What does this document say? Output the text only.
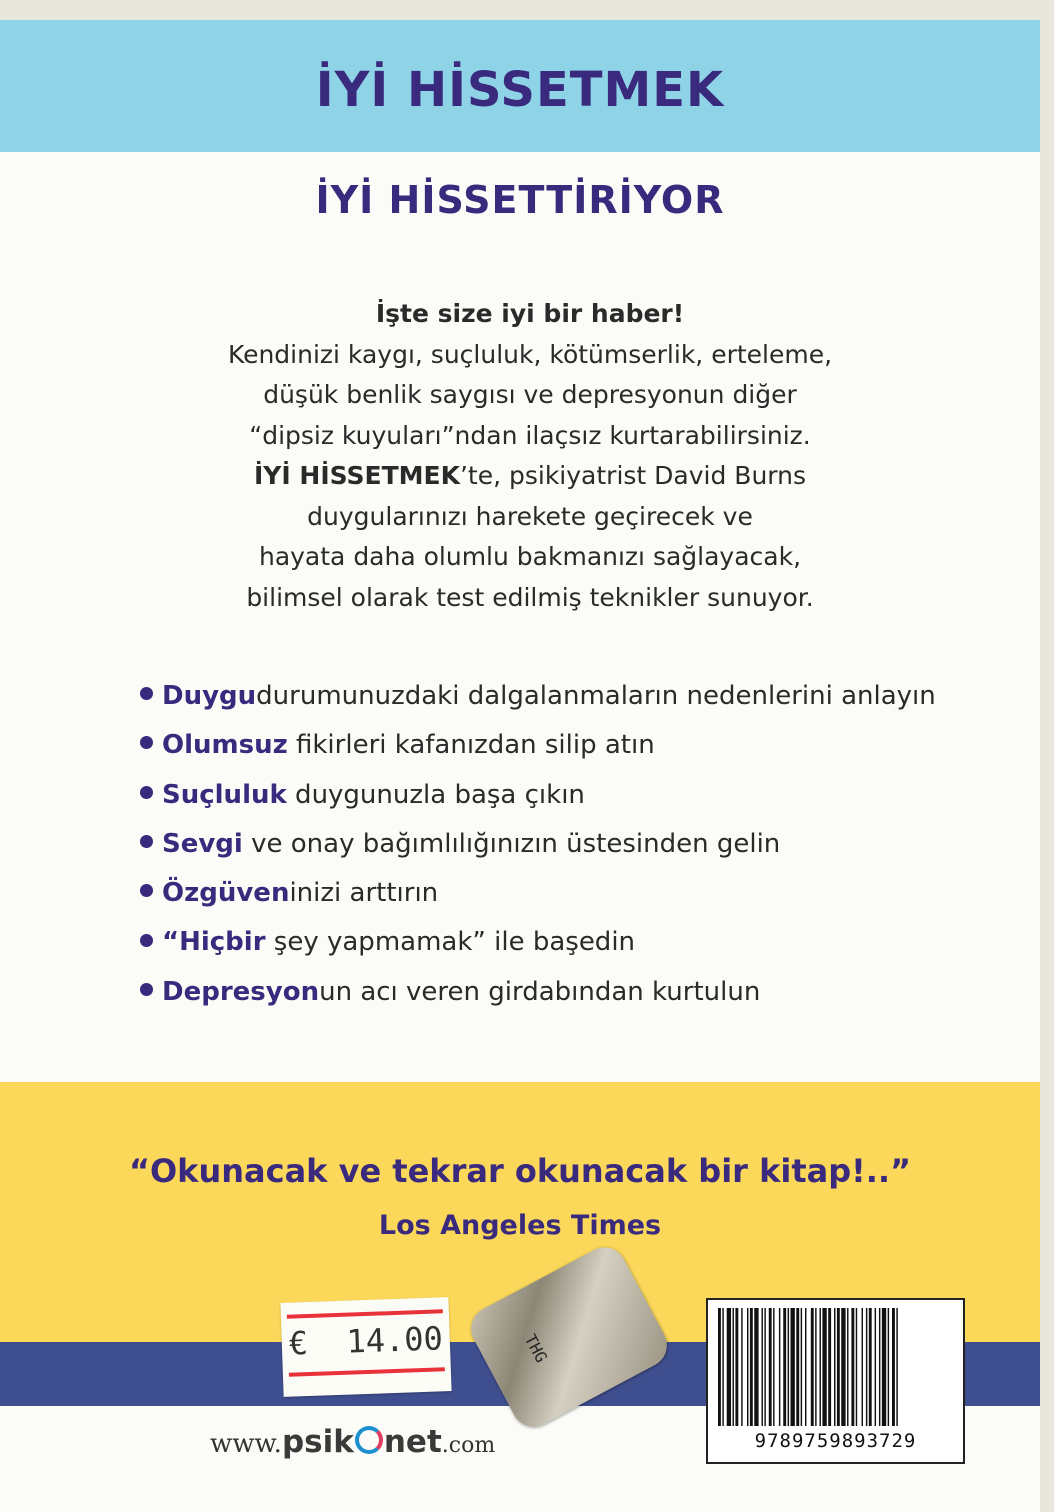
İYİ HİSSETMEK
İYİ HİSSETTİRİYOR
İşte size iyi bir haber!
Kendinizi kaygı, suçluluk, kötümserlik, erteleme,
düşük benlik saygısı ve depresyonun diğer
“dipsiz kuyuları”ndan ilaçsız kurtarabilirsiniz.
İYİ HİSSETMEK’te, psikiyatrist David Burns
duygularınızı harekete geçirecek ve
hayata daha olumlu bakmanızı sağlayacak,
bilimsel olarak test edilmiş teknikler sunuyor.
Duygu durumunuzdaki dalgalanmaların nedenlerini anlayın
Olumsuz fikirleri kafanızdan silip atın
Suçluluk duygunuzla başa çıkın
Sevgi ve onay bağımlılığınızın üstesinden gelin
Özgüven inizi arttırın
“Hiçbir şey yapmamak” ile başedin
Depresyon un acı veren girdabından kurtulun
“Okunacak ve tekrar okunacak bir kitap!..”
Los Angeles Times
€  14.00	THG
9789759893729
www.psik net.com
